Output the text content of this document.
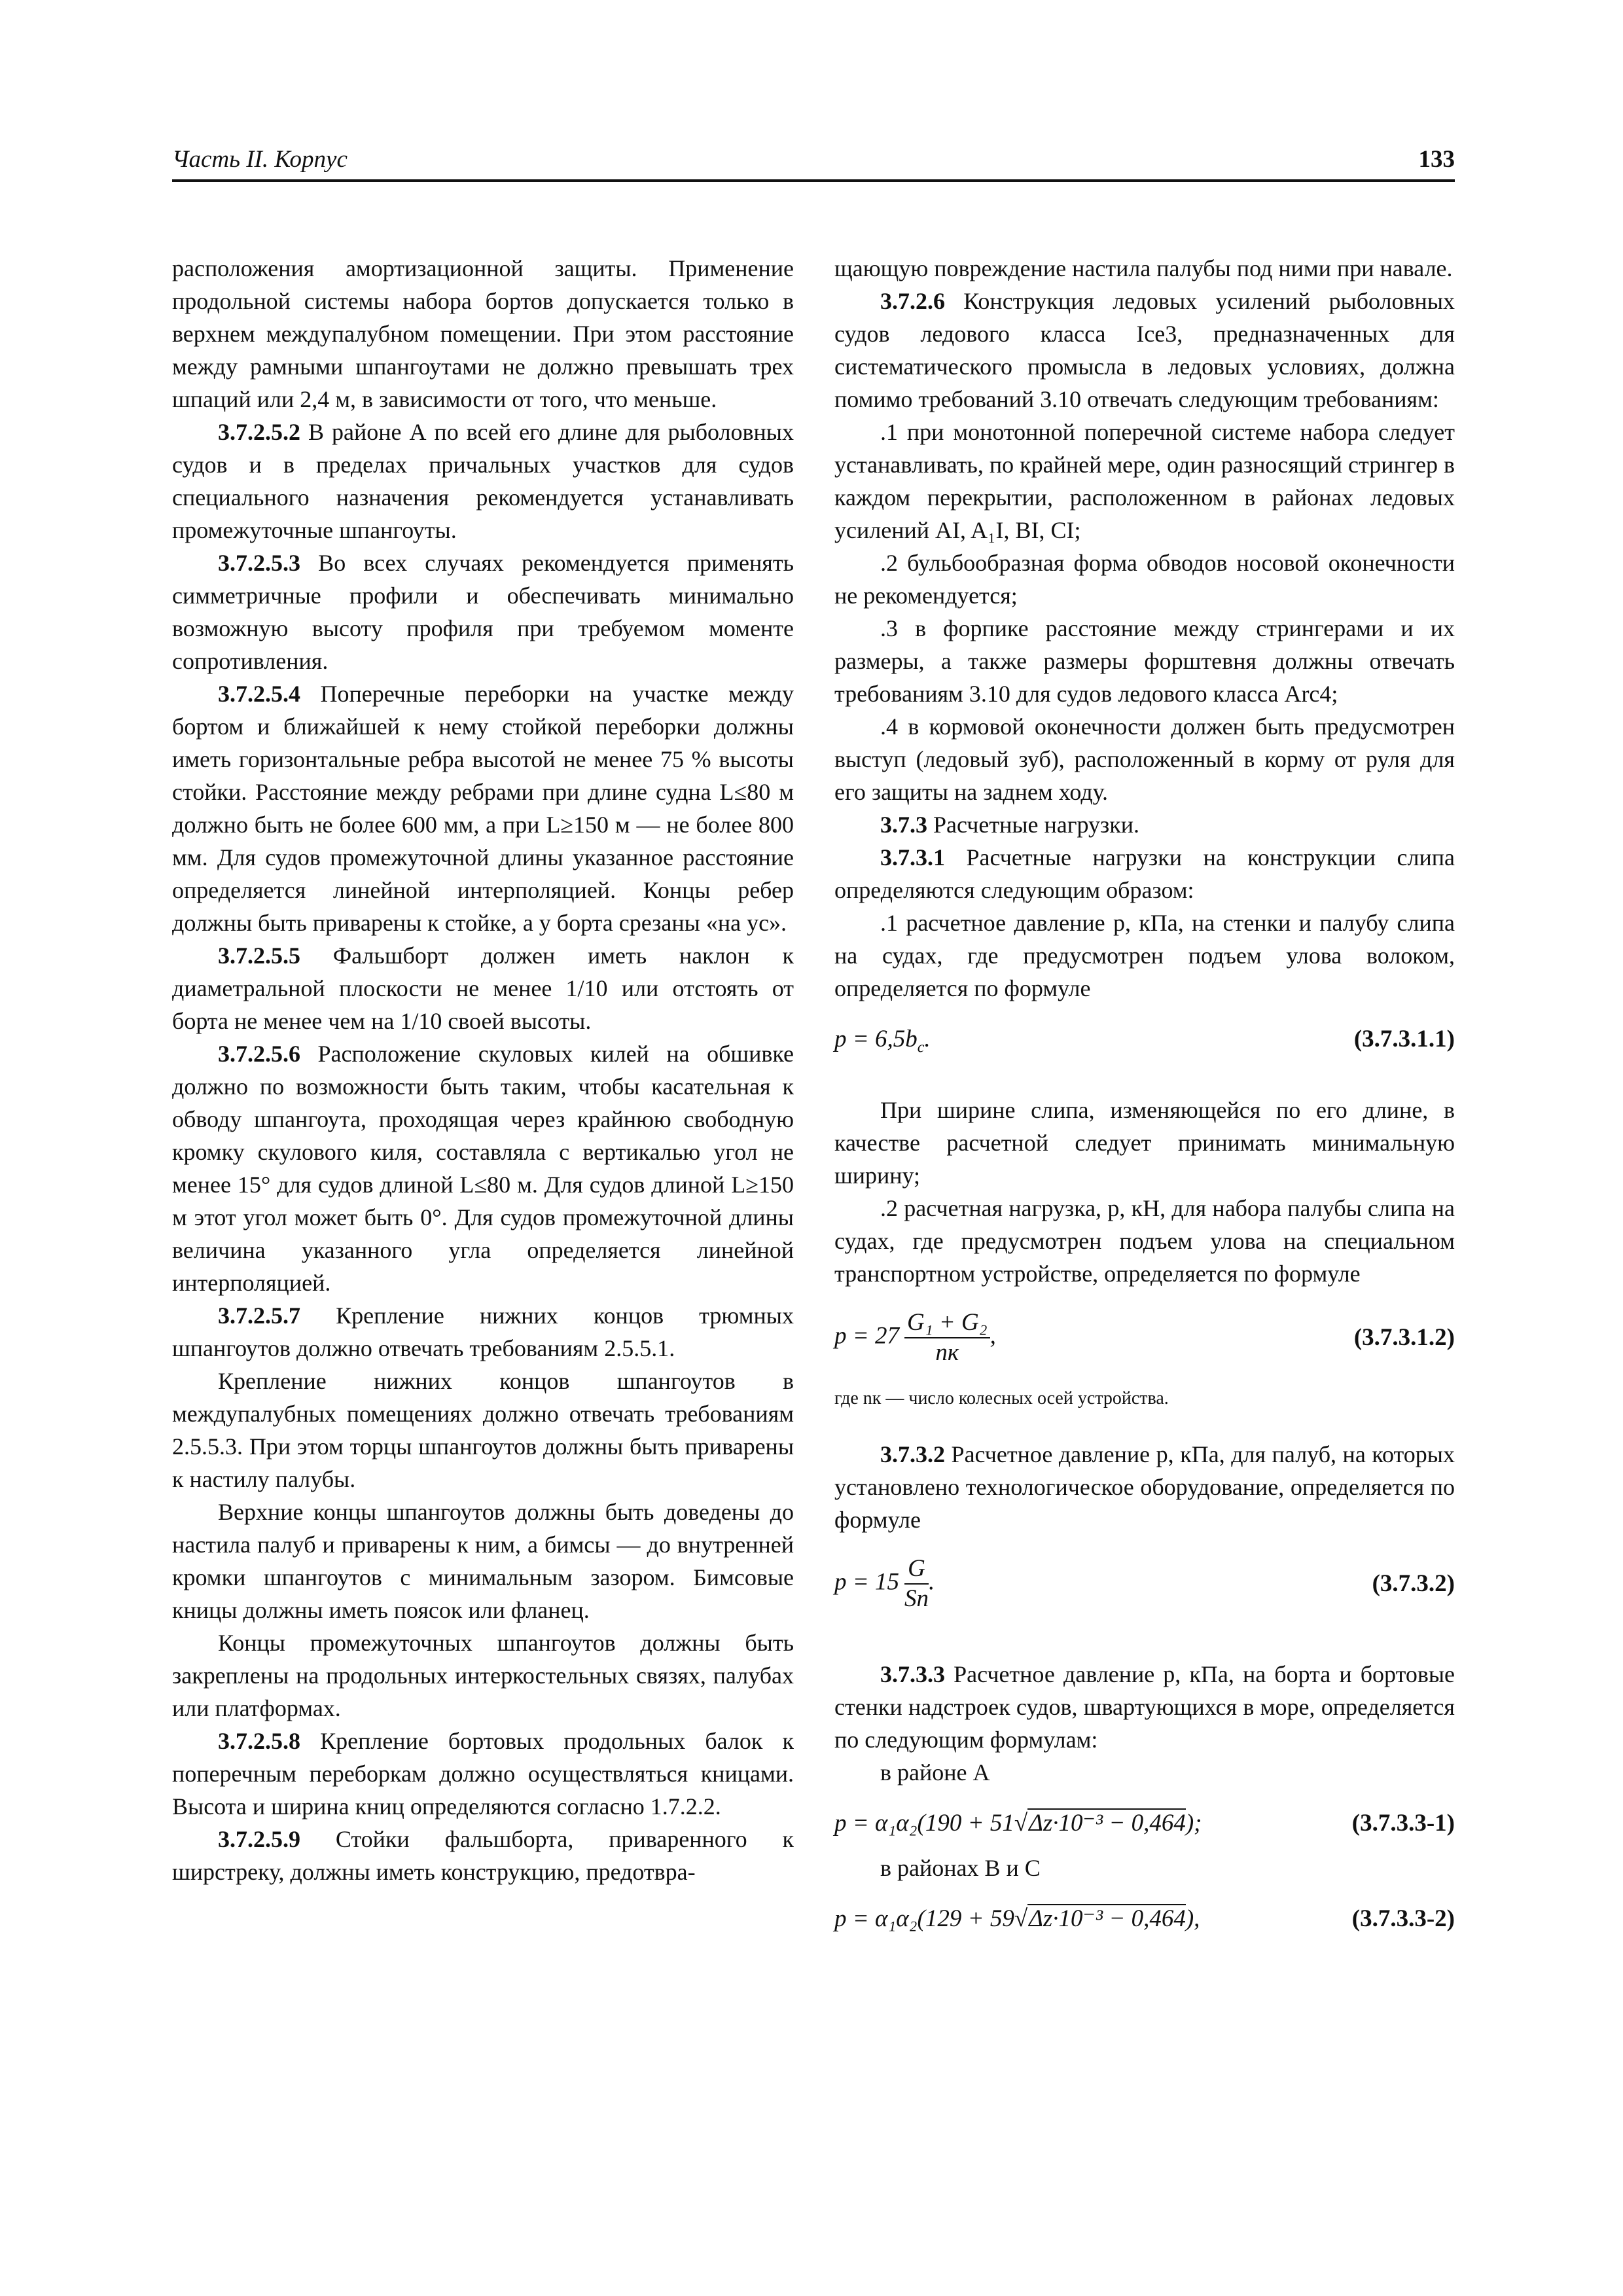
Часть II. Корпус	133

расположения амортизационной защиты. Применение продольной системы набора бортов допускается только в верхнем междупалубном помещении. При этом расстояние между рамными шпангоутами не должно превышать трех шпаций или 2,4 м, в зависимости от того, что меньше.

3.7.2.5.2 В районе А по всей его длине для рыболовных судов и в пределах причальных участков для судов специального назначения рекомендуется устанавливать промежуточные шпангоуты.

3.7.2.5.3 Во всех случаях рекомендуется применять симметричные профили и обеспечивать минимально возможную высоту профиля при требуемом моменте сопротивления.

3.7.2.5.4 Поперечные переборки на участке между бортом и ближайшей к нему стойкой переборки должны иметь горизонтальные ребра высотой не менее 75 % высоты стойки. Расстояние между ребрами при длине судна L≤80 м должно быть не более 600 мм, а при L≥150 м — не более 800 мм. Для судов промежуточной длины указанное расстояние определяется линейной интерполяцией. Концы ребер должны быть приварены к стойке, а у борта срезаны «на ус».

3.7.2.5.5 Фальшборт должен иметь наклон к диаметральной плоскости не менее 1/10 или отстоять от борта не менее чем на 1/10 своей высоты.

3.7.2.5.6 Расположение скуловых килей на обшивке должно по возможности быть таким, чтобы касательная к обводу шпангоута, проходящая через крайнюю свободную кромку скулового киля, составляла с вертикалью угол не менее 15° для судов длиной L≤80 м. Для судов длиной L≥150 м этот угол может быть 0°. Для судов промежуточной длины величина указанного угла определяется линейной интерполяцией.

3.7.2.5.7 Крепление нижних концов трюмных шпангоутов должно отвечать требованиям 2.5.5.1.

Крепление нижних концов шпангоутов в междупалубных помещениях должно отвечать требованиям 2.5.5.3. При этом торцы шпангоутов должны быть приварены к настилу палубы.

Верхние концы шпангоутов должны быть доведены до настила палуб и приварены к ним, а бимсы — до внутренней кромки шпангоутов с минимальным зазором. Бимсовые кницы должны иметь поясок или фланец.

Концы промежуточных шпангоутов должны быть закреплены на продольных интеркостельных связях, палубах или платформах.

3.7.2.5.8 Крепление бортовых продольных балок к поперечным переборкам должно осуществляться кницами. Высота и ширина книц определяются согласно 1.7.2.2.

3.7.2.5.9 Стойки фальшборта, приваренного к ширстреку, должны иметь конструкцию, предотвра-

щающую повреждение настила палубы под ними при навале.

3.7.2.6 Конструкция ледовых усилений рыболовных судов ледового класса Ice3, предназначенных для систематического промысла в ледовых условиях, должна помимо требований 3.10 отвечать следующим требованиям:

.1 при монотонной поперечной системе набора следует устанавливать, по крайней мере, один разносящий стрингер в каждом перекрытии, расположенном в районах ледовых усилений AI, A₁I, BI, CI;

.2 бульбообразная форма обводов носовой оконечности не рекомендуется;

.3 в форпике расстояние между стрингерами и их размеры, а также размеры форштевня должны отвечать требованиям 3.10 для судов ледового класса Arc4;

.4 в кормовой оконечности должен быть предусмотрен выступ (ледовый зуб), расположенный в корму от руля для его защиты на заднем ходу.

3.7.3 Расчетные нагрузки.

3.7.3.1 Расчетные нагрузки на конструкции слипа определяются следующим образом:

.1 расчетное давление p, кПа, на стенки и палубу слипа на судах, где предусмотрен подъем улова волоком, определяется по формуле

$p = 6,5b_c$.	(3.7.3.1.1)

При ширине слипа, изменяющейся по его длине, в качестве расчетной следует принимать минимальную ширину;

.2 расчетная нагрузка, p, кН, для набора палубы слипа на судах, где предусмотрен подъем улова на специальном транспортном устройстве, определяется по формуле

$p = 27 \frac{\text{G₁ + G₂}}{nк}$ ,	(3.7.3.1.2)
где nк — число колесных осей устройства.

3.7.3.2 Расчетное давление p, кПа, для палуб, на которых установлено технологическое оборудование, определяется по формуле

$p = 15 \frac{G}{Sп}$ .	(3.7.3.2)

3.7.3.3 Расчетное давление p, кПа, на борта и бортовые стенки надстроек судов, швартующихся в море, определяется по следующим формулам:

в районе А

p = α₁α₂(190 + 51√Δz·10⁻³ − 0,464);	(3.7.3.3-1)

в районах В и С

p = α₁α₂(129 + 59√Δz·10⁻³ − 0,464),	(3.7.3.3-2)
